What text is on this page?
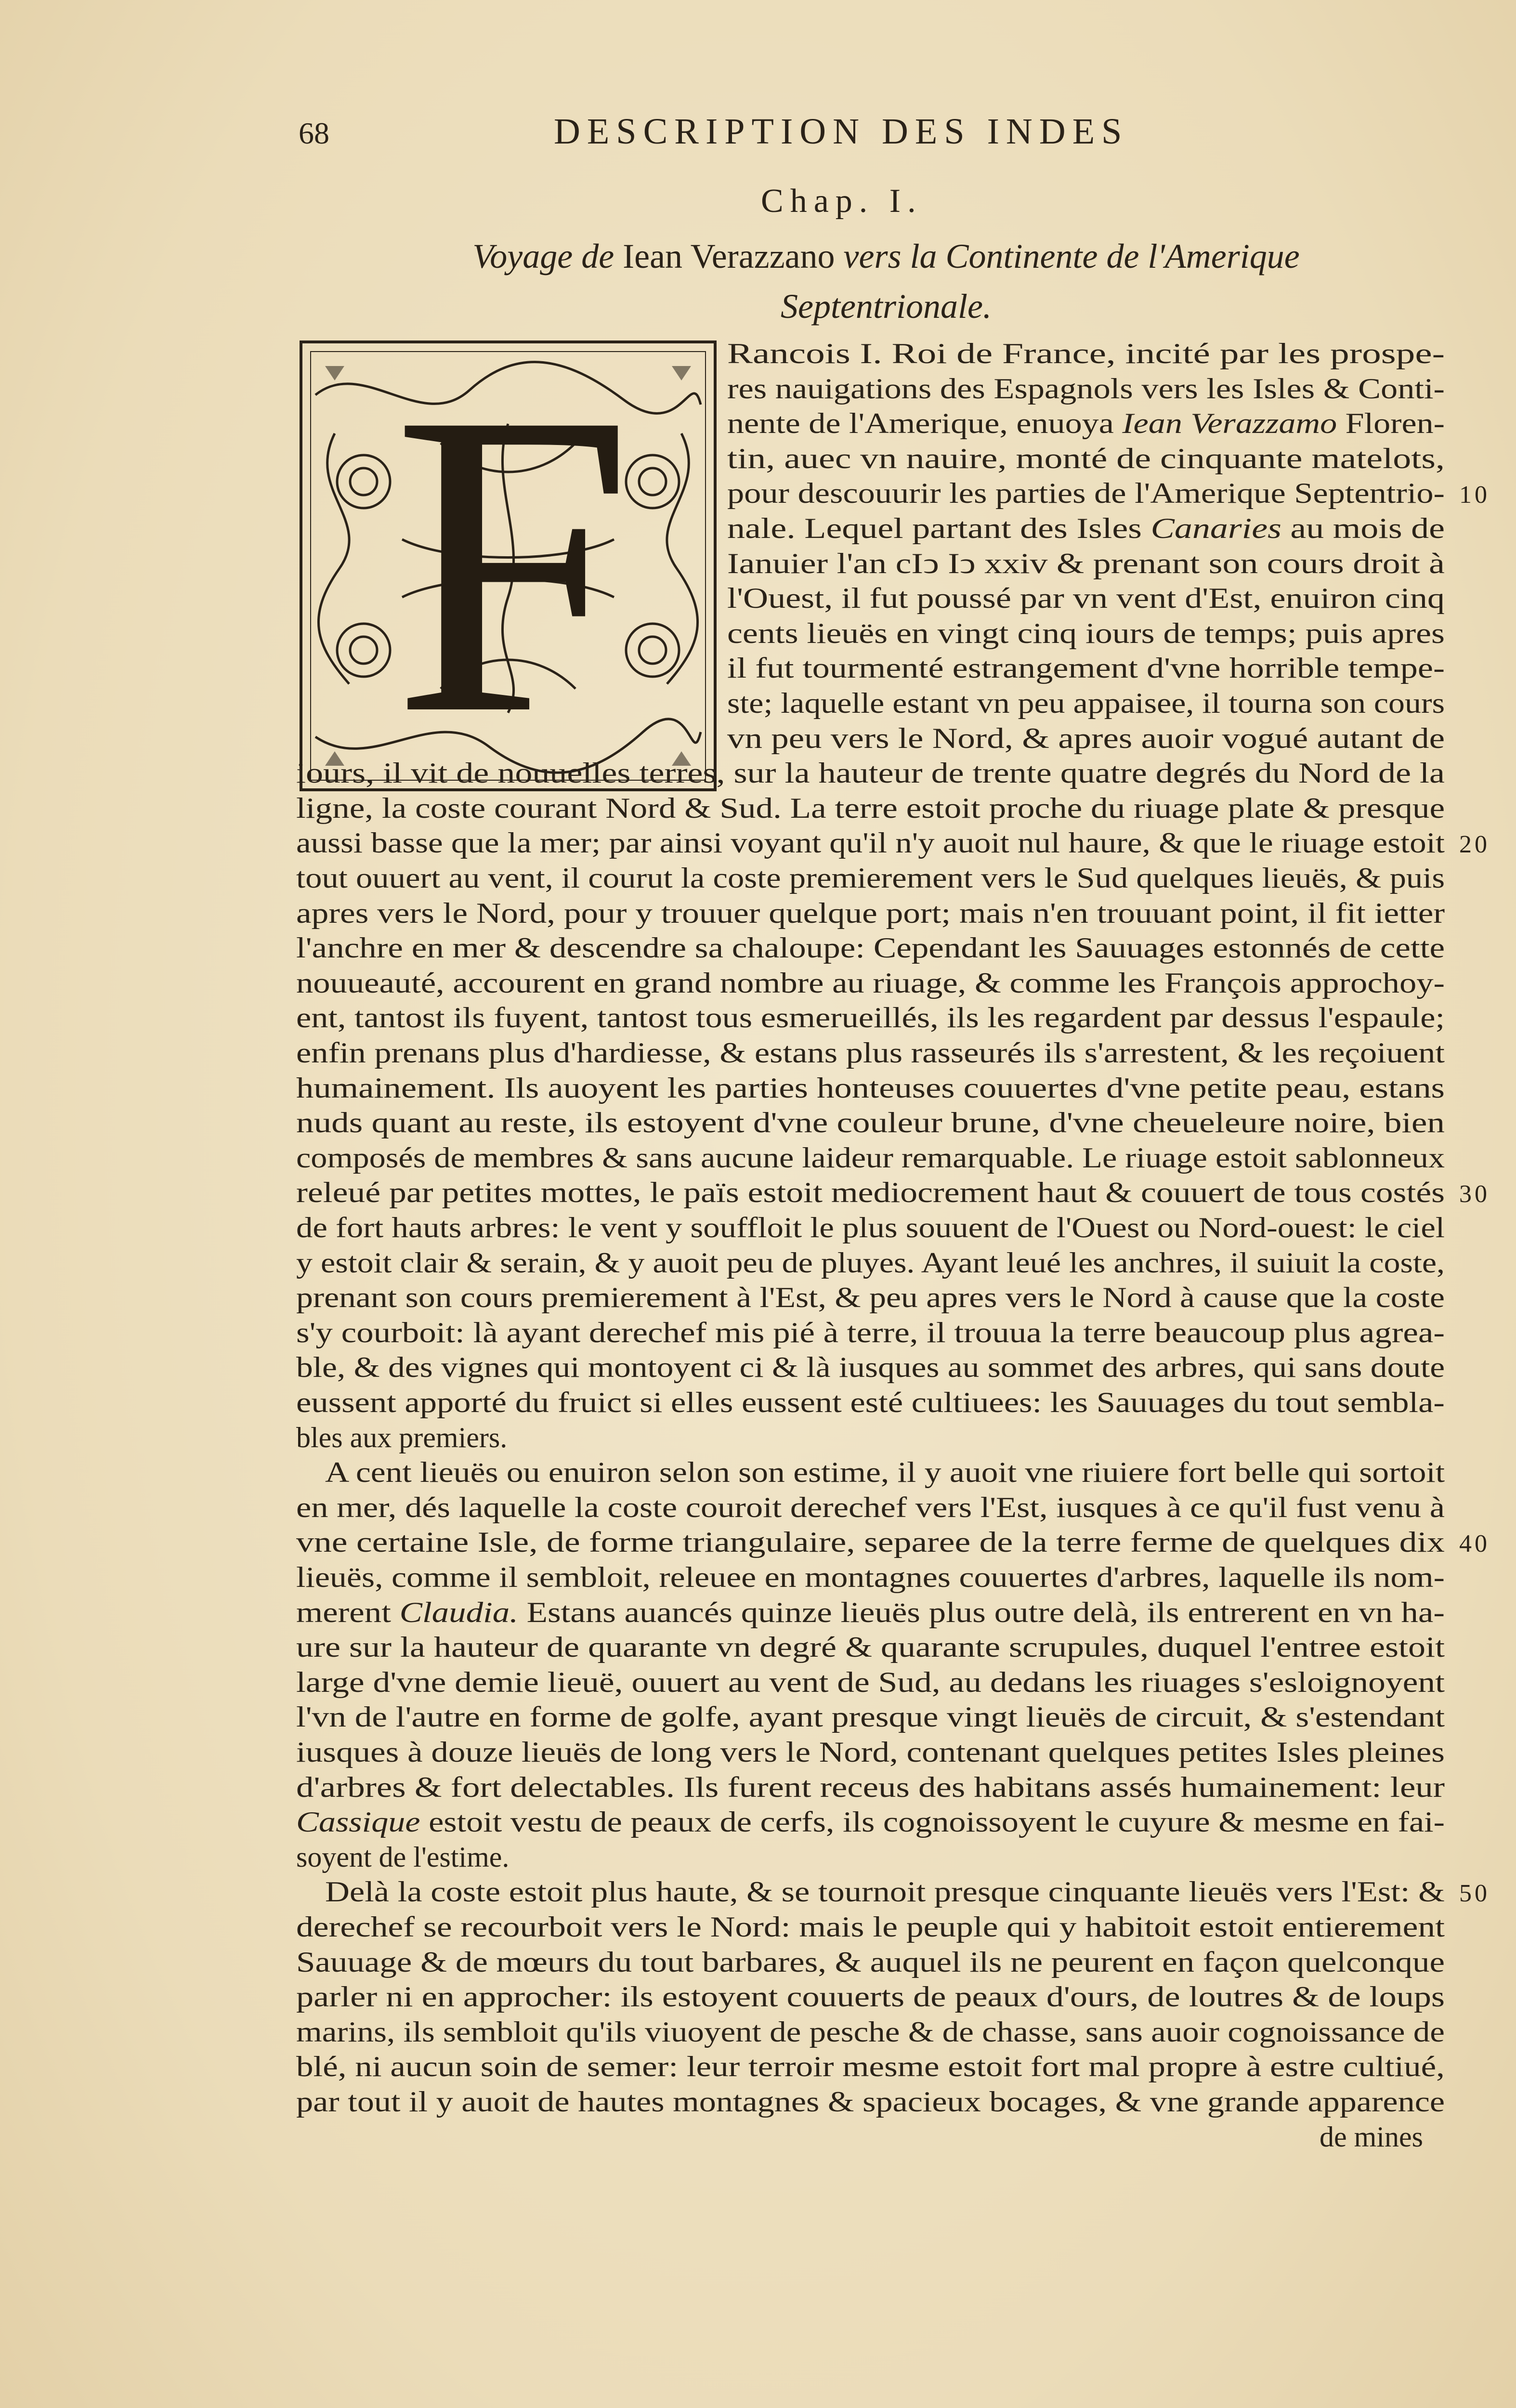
68	DESCRIPTION DES INDES
Chap. I.
Voyage de Iean Verazzano vers la Continente de l'Amerique
Septentrionale.
F	Rancois I. Roi de France, incité par les prospe-
res nauigations des Espagnols vers les Isles & Conti-
nente de l'Amerique, enuoya Iean Verazzamo Floren-
tin, auec vn nauire, monté de cinquante matelots,
pour descouurir les parties de l'Amerique Septentrio-
nale. Lequel partant des Isles Canaries au mois de
Ianuier l'an cIↄ Iↄ xxiv & prenant son cours droit à
l'Ouest, il fut poussé par vn vent d'Est, enuiron cinq
cents lieuës en vingt cinq iours de temps; puis apres
il fut tourmenté estrangement d'vne horrible tempe-
ste; laquelle estant vn peu appaisee, il tourna son cours
vn peu vers le Nord, & apres auoir vogué autant de
iours, il vit de nouuelles terres, sur la hauteur de trente quatre degrés du Nord de la
ligne, la coste courant Nord & Sud. La terre estoit proche du riuage plate & presque
aussi basse que la mer; par ainsi voyant qu'il n'y auoit nul haure, & que le riuage estoit
tout ouuert au vent, il courut la coste premierement vers le Sud quelques lieuës, & puis
apres vers le Nord, pour y trouuer quelque port; mais n'en trouuant point, il fit ietter
l'anchre en mer & descendre sa chaloupe: Cependant les Sauuages estonnés de cette
nouueauté, accourent en grand nombre au riuage, & comme les François approchoy-
ent, tantost ils fuyent, tantost tous esmerueillés, ils les regardent par dessus l'espaule;
enfin prenans plus d'hardiesse, & estans plus rasseurés ils s'arrestent, & les reçoiuent
humainement. Ils auoyent les parties honteuses couuertes d'vne petite peau, estans
nuds quant au reste, ils estoyent d'vne couleur brune, d'vne cheueleure noire, bien
composés de membres & sans aucune laideur remarquable. Le riuage estoit sablonneux
releué par petites mottes, le païs estoit mediocrement haut & couuert de tous costés
de fort hauts arbres: le vent y souffloit le plus souuent de l'Ouest ou Nord-ouest: le ciel
y estoit clair & serain, & y auoit peu de pluyes. Ayant leué les anchres, il suiuit la coste,
prenant son cours premierement à l'Est, & peu apres vers le Nord à cause que la coste
s'y courboit: là ayant derechef mis pié à terre, il trouua la terre beaucoup plus agrea-
ble, & des vignes qui montoyent ci & là iusques au sommet des arbres, qui sans doute
eussent apporté du fruict si elles eussent esté cultiuees: les Sauuages du tout sembla-
bles aux premiers.
A cent lieuës ou enuiron selon son estime, il y auoit vne riuiere fort belle qui sortoit
en mer, dés laquelle la coste couroit derechef vers l'Est, iusques à ce qu'il fust venu à
vne certaine Isle, de forme triangulaire, separee de la terre ferme de quelques dix
lieuës, comme il sembloit, releuee en montagnes couuertes d'arbres, laquelle ils nom-
merent Claudia. Estans auancés quinze lieuës plus outre delà, ils entrerent en vn ha-
ure sur la hauteur de quarante vn degré & quarante scrupules, duquel l'entree estoit
large d'vne demie lieuë, ouuert au vent de Sud, au dedans les riuages s'esloignoyent
l'vn de l'autre en forme de golfe, ayant presque vingt lieuës de circuit, & s'estendant
iusques à douze lieuës de long vers le Nord, contenant quelques petites Isles pleines
d'arbres & fort delectables. Ils furent receus des habitans assés humainement: leur
Cassique estoit vestu de peaux de cerfs, ils cognoissoyent le cuyure & mesme en fai-
soyent de l'estime.
Delà la coste estoit plus haute, & se tournoit presque cinquante lieuës vers l'Est: &
derechef se recourboit vers le Nord: mais le peuple qui y habitoit estoit entierement
Sauuage & de mœurs du tout barbares, & auquel ils ne peurent en façon quelconque
parler ni en approcher: ils estoyent couuerts de peaux d'ours, de loutres & de loups
marins, ils sembloit qu'ils viuoyent de pesche & de chasse, sans auoir cognoissance de
blé, ni aucun soin de semer: leur terroir mesme estoit fort mal propre à estre cultiué,
par tout il y auoit de hautes montagnes & spacieux bocages, & vne grande apparence
de mines
10
20
30
40
50
